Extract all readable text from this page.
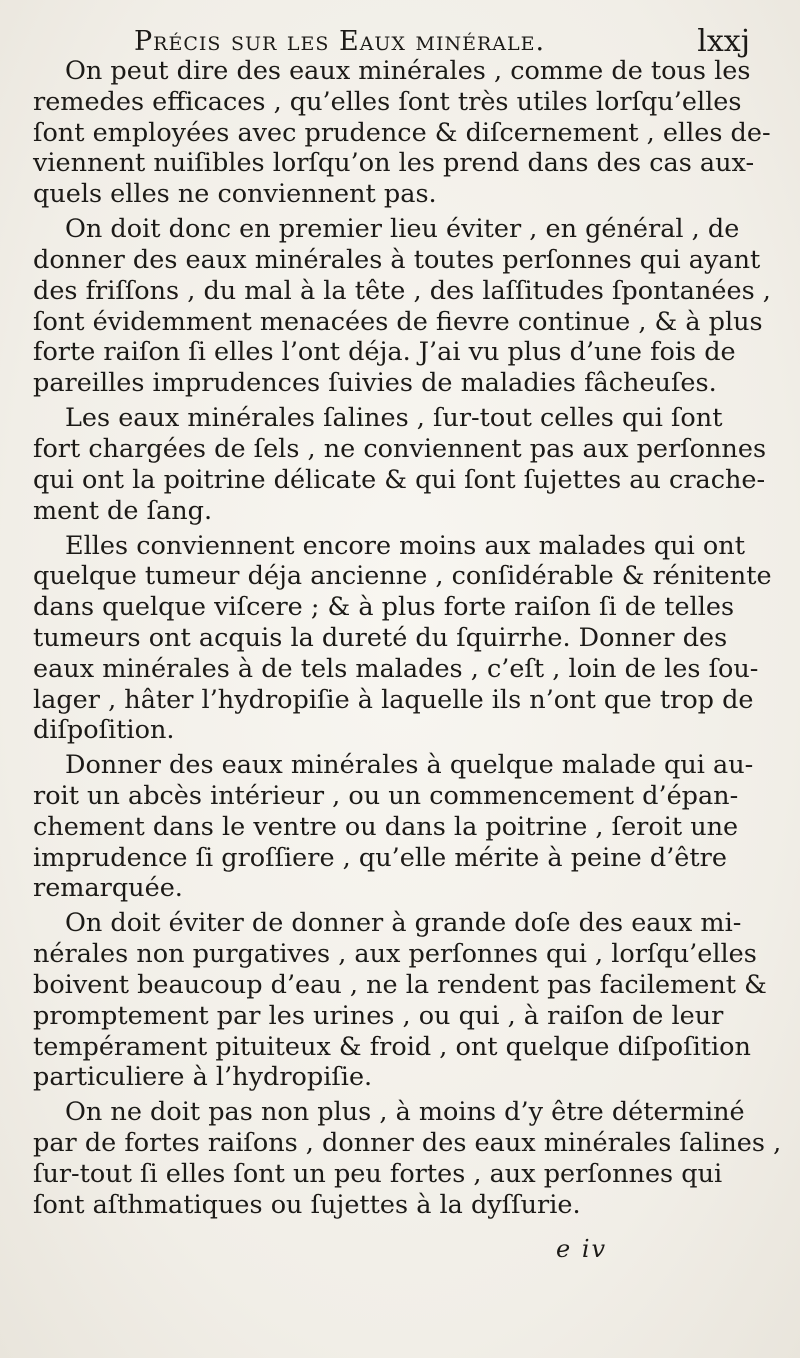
Précis sur les Eaux minérale.	lxxj
On peut dire des eaux minérales , comme de tous les
remedes efficaces , qu’elles ſont très utiles lorſqu’elles
ſont employées avec prudence & diſcernement , elles de-
viennent nuiſibles lorſqu’on les prend dans des cas aux-
quels elles ne conviennent pas.
On doit donc en premier lieu éviter , en général , de
donner des eaux minérales à toutes perſonnes qui ayant
des friſſons , du mal à la tête , des laſſitudes ſpontanées ,
ſont évidemment menacées de fievre continue , & à plus
forte raiſon ſi elles l’ont déja. J’ai vu plus d’une fois de
pareilles imprudences ſuivies de maladies fâcheuſes.
Les eaux minérales ſalines , ſur-tout celles qui ſont
fort chargées de ſels , ne conviennent pas aux perſonnes
qui ont la poitrine délicate & qui ſont ſujettes au crache-
ment de ſang.
Elles conviennent encore moins aux malades qui ont
quelque tumeur déja ancienne , conſidérable & rénitente
dans quelque viſcere ; & à plus forte raiſon ſi de telles
tumeurs ont acquis la dureté du ſquirrhe. Donner des
eaux minérales à de tels malades , c’eſt , loin de les ſou-
lager , hâter l’hydropiſie à laquelle ils n’ont que trop de
diſpoſition.
Donner des eaux minérales à quelque malade qui au-
roit un abcès intérieur , ou un commencement d’épan-
chement dans le ventre ou dans la poitrine , ſeroit une
imprudence ſi groſſiere , qu’elle mérite à peine d’être
remarquée.
On doit éviter de donner à grande doſe des eaux mi-
nérales non purgatives , aux perſonnes qui , lorſqu’elles
boivent beaucoup d’eau , ne la rendent pas facilement &
promptement par les urines , ou qui , à raiſon de leur
tempérament pituiteux & froid , ont quelque diſpoſition
particuliere à l’hydropiſie.
On ne doit pas non plus , à moins d’y être déterminé
par de fortes raiſons , donner des eaux minérales ſalines ,
ſur-tout ſi elles ſont un peu fortes , aux perſonnes qui
ſont aſthmatiques ou ſujettes à la dyſſurie.
e iv
